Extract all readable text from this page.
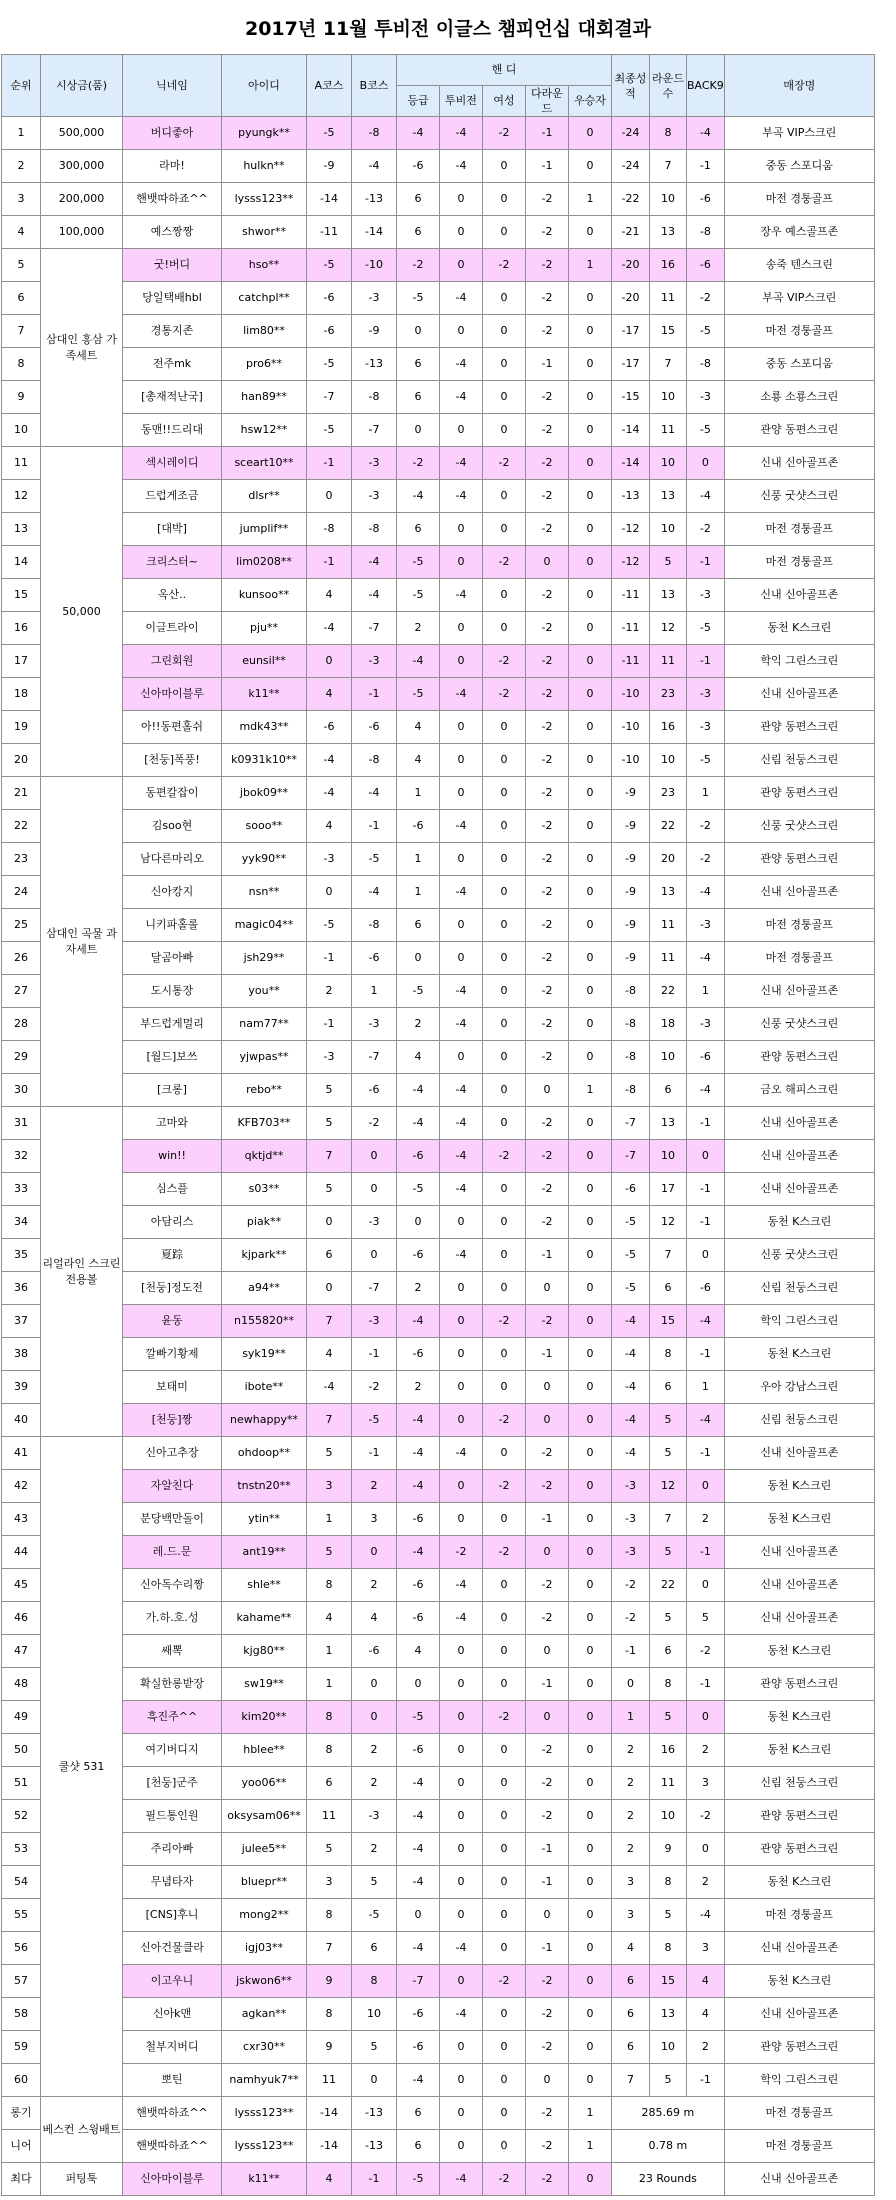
2017년 11월 투비전 이글스 챔피언십 대회결과
순위	시상금(품)	닉네임	아이디	A코스	B코스	핸 디					최종성적	라운드수	BACK9	매장명
						등급	투비전	여성	다라운드	우승자				
1	500,000	버디좋아	pyungk**	-5	-8	-4	-4	-2	-1	0	-24	8	-4	부곡 VIP스크린
2	300,000	라마!	hulkn**	-9	-4	-6	-4	0	-1	0	-24	7	-1	중동 스포디움
3	200,000	핸뱃따하죠^^	lysss123**	-14	-13	6	0	0	-2	1	-22	10	-6	마전 경퉁골프
4	100,000	예스짱짱	shwor**	-11	-14	6	0	0	-2	0	-21	13	-8	장우 예스골프존
5	삼대인 홍삼 가족세트	굿!버디	hso**	-5	-10	-2	0	-2	-2	1	-20	16	-6	송죽 텐스크린
6		당일택배hbl	catchpl**	-6	-3	-5	-4	0	-2	0	-20	11	-2	부곡 VIP스크린
7		경통지존	lim80**	-6	-9	0	0	0	-2	0	-17	15	-5	마전 경퉁골프
8		전주mk	pro6**	-5	-13	6	-4	0	-1	0	-17	7	-8	중동 스포디움
9		[총재적난국]	han89**	-7	-8	6	-4	0	-2	0	-15	10	-3	소룡 소룡스크린
10		동맨!!드리대	hsw12**	-5	-7	0	0	0	-2	0	-14	11	-5	관양 동편스크린
11	50,000	섹시레이디	sceart10**	-1	-3	-2	-4	-2	-2	0	-14	10	0	신내 신아골프존
12		드럽게조금	dlsr**	0	-3	-4	-4	0	-2	0	-13	13	-4	신풍 굿샷스크린
13		[대박]	jumplif**	-8	-8	6	0	0	-2	0	-12	10	-2	마전 경퉁골프
14		크리스터~	lim0208**	-1	-4	-5	0	-2	0	0	-12	5	-1	마전 경퉁골프
15		옥산..	kunsoo**	4	-4	-5	-4	0	-2	0	-11	13	-3	신내 신아골프존
16		이글트라이	pju**	-4	-7	2	0	0	-2	0	-11	12	-5	동천 K스크린
17		그린회원	eunsil**	0	-3	-4	0	-2	-2	0	-11	11	-1	학익 그린스크린
18		신아마이블루	k11**	4	-1	-5	-4	-2	-2	0	-10	23	-3	신내 신아골프존
19		아!!동편홀쉬	mdk43**	-6	-6	4	0	0	-2	0	-10	16	-3	관양 동편스크린
20		[천둥]폭풍!	k0931k10**	-4	-8	4	0	0	-2	0	-10	10	-5	신림 천둥스크린
21	삼대인 곡물 과자세트	동편칼잡이	jbok09**	-4	-4	1	0	0	-2	0	-9	23	1	관양 동편스크린
22		김soo현	sooo**	4	-1	-6	-4	0	-2	0	-9	22	-2	신풍 굿샷스크린
23		남다른마리오	yyk90**	-3	-5	1	0	0	-2	0	-9	20	-2	관양 동편스크린
24		신아캉지	nsn**	0	-4	1	-4	0	-2	0	-9	13	-4	신내 신아골프존
25		니키파홀롤	magic04**	-5	-8	6	0	0	-2	0	-9	11	-3	마전 경퉁골프
26		달곰아빠	jsh29**	-1	-6	0	0	0	-2	0	-9	11	-4	마전 경퉁골프
27		도시통장	you**	2	1	-5	-4	0	-2	0	-8	22	1	신내 신아골프존
28		부드럽게멀리	nam77**	-1	-3	2	-4	0	-2	0	-8	18	-3	신풍 굿샷스크린
29		[월드]보쓰	yjwpas**	-3	-7	4	0	0	-2	0	-8	10	-6	관양 동편스크린
30		[크롱]	rebo**	5	-6	-4	-4	0	0	1	-8	6	-4	금오 해피스크린
31	리얼라인 스크린 전용볼	고마와	KFB703**	5	-2	-4	-4	0	-2	0	-7	13	-1	신내 신아골프존
32		win!!	qktjd**	7	0	-6	-4	-2	-2	0	-7	10	0	신내 신아골프존
33		심스플	s03**	5	0	-5	-4	0	-2	0	-6	17	-1	신내 신아골프존
34		아담리스	piak**	0	-3	0	0	0	-2	0	-5	12	-1	동천 K스크린
35		夏踪	kjpark**	6	0	-6	-4	0	-1	0	-5	7	0	신풍 굿샷스크린
36		[천둥]정도전	a94**	0	-7	2	0	0	0	0	-5	6	-6	신림 천둥스크린
37		윤동	n155820**	7	-3	-4	0	-2	-2	0	-4	15	-4	학익 그린스크린
38		깔빠기황제	syk19**	4	-1	-6	0	0	-1	0	-4	8	-1	동천 K스크린
39		보태미	ibote**	-4	-2	2	0	0	0	0	-4	6	1	우아 강남스크린
40		[천둥]짱	newhappy**	7	-5	-4	0	-2	0	0	-4	5	-4	신림 천둥스크린
41	쿨샷 531	신아고추장	ohdoop**	5	-1	-4	-4	0	-2	0	-4	5	-1	신내 신아골프존
42		자알친다	tnstn20**	3	2	-4	0	-2	-2	0	-3	12	0	동천 K스크린
43		분당백만돌이	ytin**	1	3	-6	0	0	-1	0	-3	7	2	동천 K스크린
44		레.드.문	ant19**	5	0	-4	-2	-2	0	0	-3	5	-1	신내 신아골프존
45		신아독수리짱	shle**	8	2	-6	-4	0	-2	0	-2	22	0	신내 신아골프존
46		가.하.호.성	kahame**	4	4	-6	-4	0	-2	0	-2	5	5	신내 신아골프존
47		쌔뽁	kjg80**	1	-6	4	0	0	0	0	-1	6	-2	동천 K스크린
48		확실한롱받장	sw19**	1	0	0	0	0	-1	0	0	8	-1	관양 동편스크린
49		흑진주^^	kim20**	8	0	-5	0	-2	0	0	1	5	0	동천 K스크린
50		여기버디지	hblee**	8	2	-6	0	0	-2	0	2	16	2	동천 K스크린
51		[천둥]군주	yoo06**	6	2	-4	0	0	-2	0	2	11	3	신림 천둥스크린
52		필드통인원	oksysam06**	11	-3	-4	0	0	-2	0	2	10	-2	관양 동편스크린
53		주리아빠	julee5**	5	2	-4	0	0	-1	0	2	9	0	관양 동편스크린
54		무념타자	bluepr**	3	5	-4	0	0	-1	0	3	8	2	동천 K스크린
55		[CNS]후니	mong2**	8	-5	0	0	0	0	0	3	5	-4	마전 경퉁골프
56		신아건물클라	igj03**	7	6	-4	-4	0	-1	0	4	8	3	신내 신아골프존
57		이고우니	jskwon6**	9	8	-7	0	-2	-2	0	6	15	4	동천 K스크린
58		신아k맨	agkan**	8	10	-6	-4	0	-2	0	6	13	4	신내 신아골프존
59		철부지버디	cxr30**	9	5	-6	0	0	-2	0	6	10	2	관양 동편스크린
60		뽀틴	namhyuk7**	11	0	-4	0	0	0	0	7	5	-1	학익 그린스크린
롱기	베스컨 스윙배트	핸뱃따하죠^^	lysss123**	-14	-13	6	0	0	-2	1	285.69 m			마전 경퉁골프
니어		핸뱃따하죠^^	lysss123**	-14	-13	6	0	0	-2	1	0.78 m			마전 경퉁골프
최다	퍼팅툭	신아마이블루	k11**	4	-1	-5	-4	-2	-2	0	23 Rounds			신내 신아골프존
